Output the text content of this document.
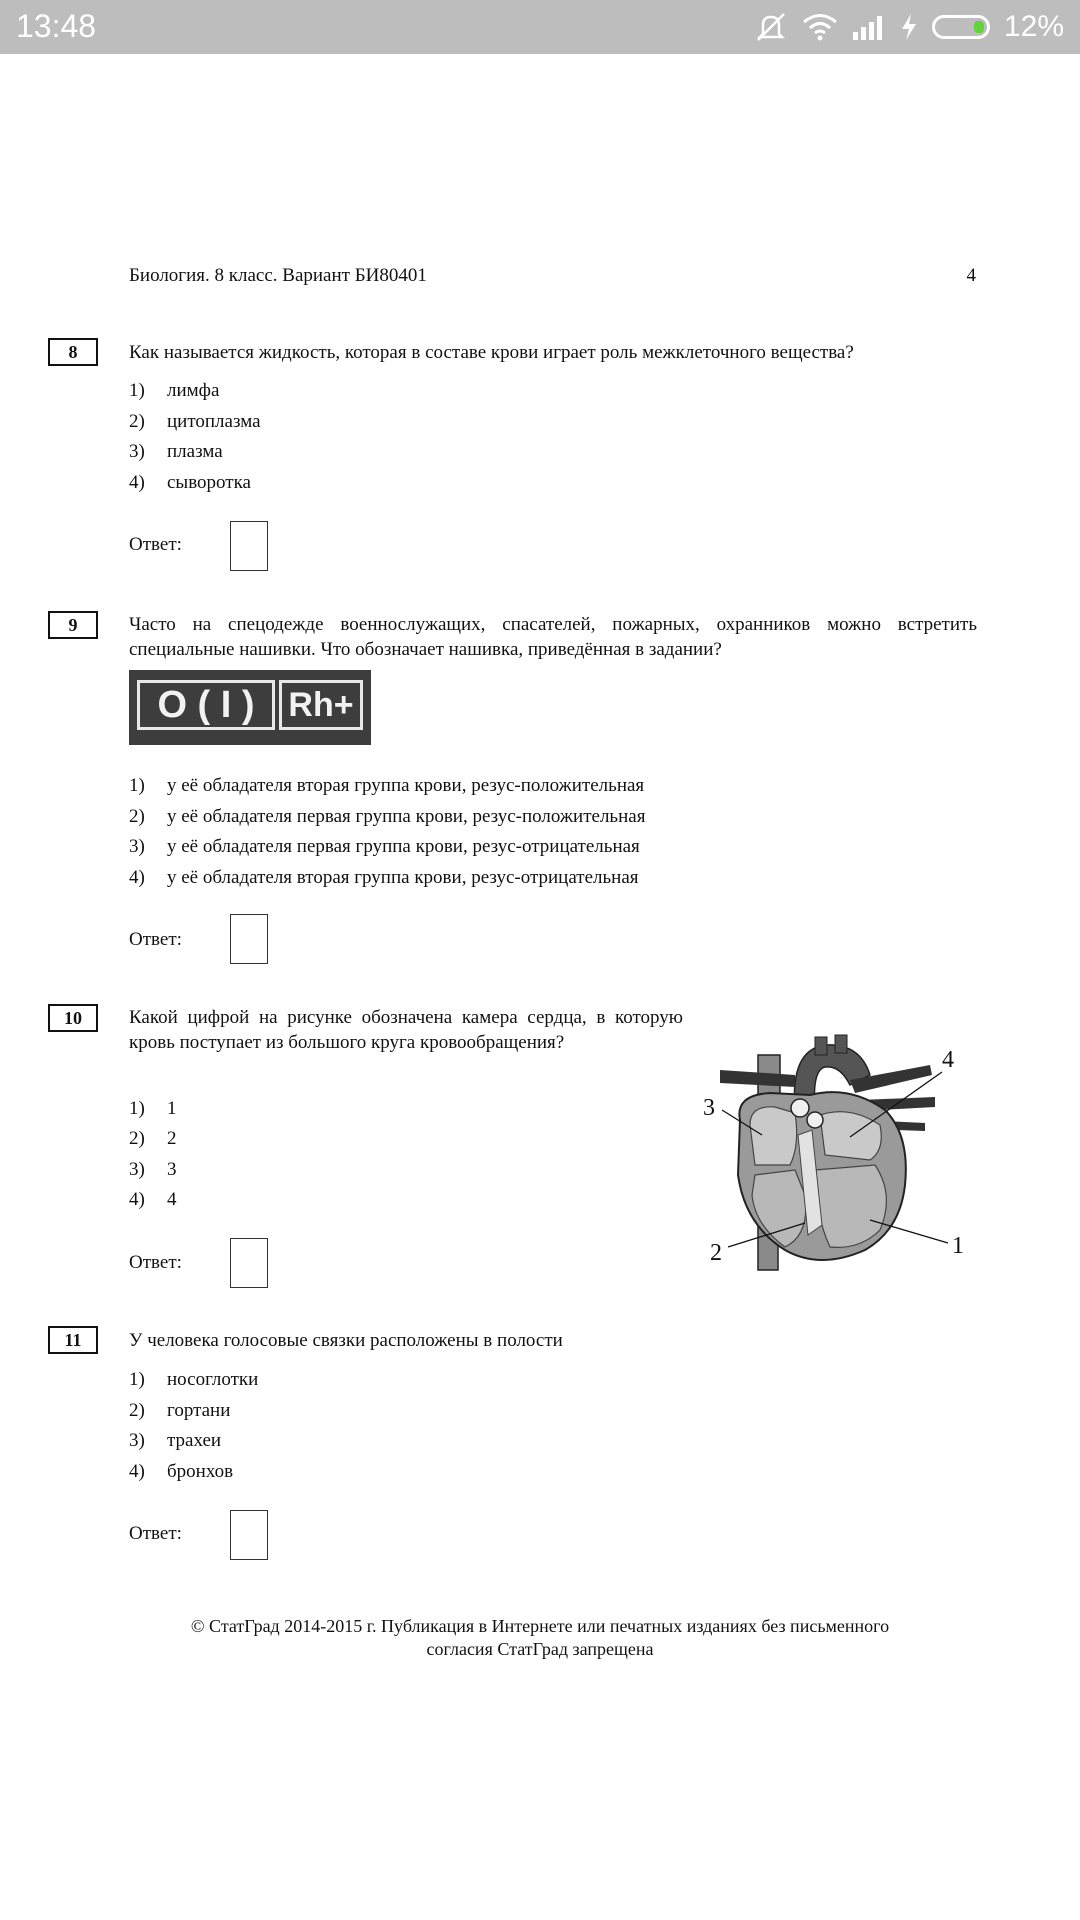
13:48	12%
Биология. 8 класс. Вариант БИ80401	4
8	Как называется жидкость, которая в составе крови играет роль межклеточного вещества?
1) лимфа
2) цитоплазма
3) плазма
4) сыворотка
Ответ:
9	Часто на спецодежде военнослужащих, спасателей, пожарных, охранников можно встретить специальные нашивки. Что обозначает нашивка, приведённая в задании?
O ( I ) Rh+
1) у её обладателя вторая группа крови, резус-положительная
2) у её обладателя первая группа крови, резус-положительная
3) у её обладателя первая группа крови, резус-отрицательная
4) у её обладателя вторая группа крови, резус-отрицательная
Ответ:
10	Какой цифрой на рисунке обозначена камера сердца, в которую кровь поступает из большого круга кровообращения?
1) 1
2) 2
3) 3
4) 4
Ответ:
3
2
4
1
11	У человека голосовые связки расположены в полости
1) носоглотки
2) гортани
3) трахеи
4) бронхов
Ответ:
© СтатГрад 2014-2015 г. Публикация в Интернете или печатных изданиях без письменного
согласия СтатГрад запрещена
